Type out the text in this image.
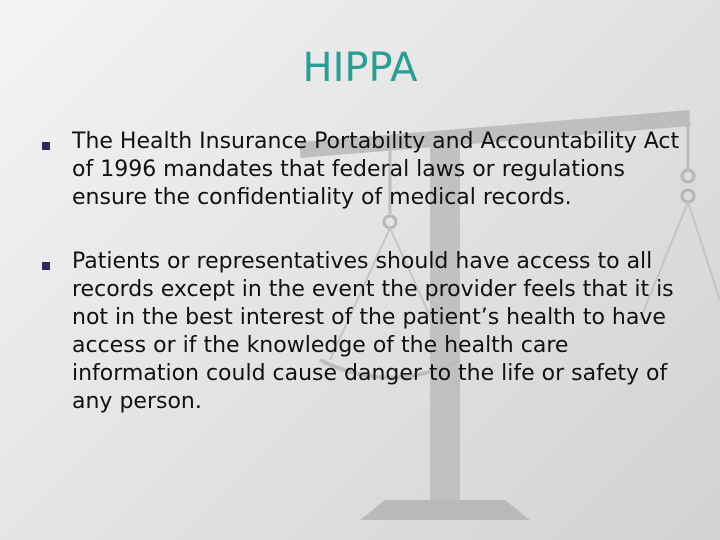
HIPPA
The Health Insurance Portability and Accountability Act of 1996 mandates that federal laws or regulations ensure the confidentiality of medical records.
Patients or representatives should have access to all records except in the event the provider feels that it is not in the best interest of the patient’s health to have access or if the knowledge of the health care information could cause danger to the life or safety of any person.
